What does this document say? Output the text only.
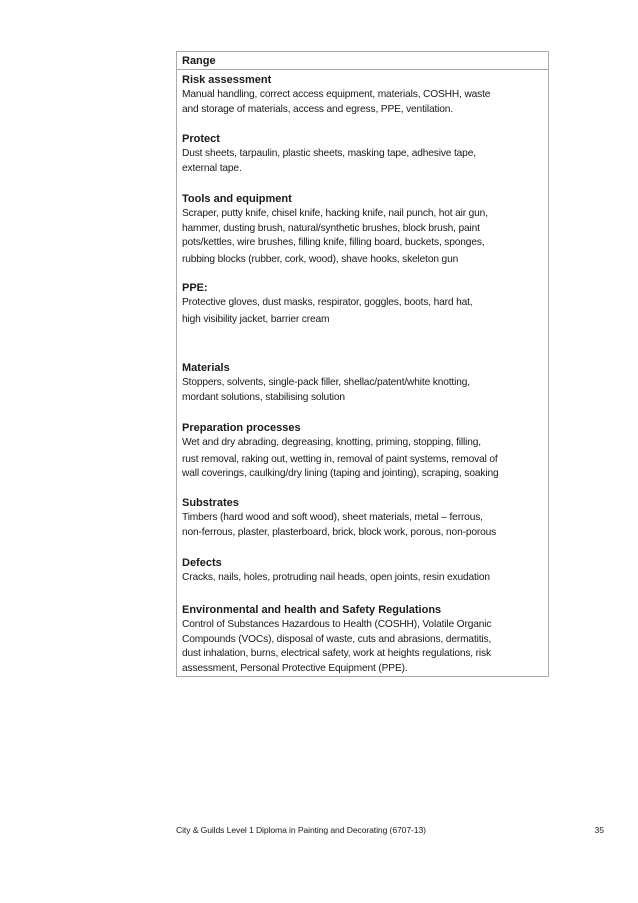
Range

Risk assessment

Manual handling, correct access equipment, materials, COSHH, waste

and storage of materials, access and egress, PPE, ventilation.

Protect

Dust sheets, tarpaulin, plastic sheets, masking tape, adhesive tape,

external tape.

Tools and equipment

Scraper, putty knife, chisel knife, hacking knife, nail punch, hot air gun,

hammer, dusting brush, natural/synthetic brushes, block brush, paint

pots/kettles, wire brushes, filling knife, filling board, buckets, sponges,

rubbing blocks (rubber, cork, wood), shave hooks, skeleton gun

PPE:

Protective gloves, dust masks, respirator, goggles, boots, hard hat,

high visibility jacket, barrier cream

Materials

Stoppers, solvents, single-pack filler, shellac/patent/white knotting,

mordant solutions, stabilising solution

Preparation processes

Wet and dry abrading, degreasing, knotting, priming, stopping, filling,

rust removal, raking out, wetting in, removal of paint systems, removal of

wall coverings, caulking/dry lining (taping and jointing), scraping, soaking

Substrates

Timbers (hard wood and soft wood), sheet materials, metal – ferrous,

non-ferrous, plaster, plasterboard, brick, block work, porous, non-porous

Defects

Cracks, nails, holes, protruding nail heads, open joints, resin exudation

Environmental and health and Safety Regulations

Control of Substances Hazardous to Health (COSHH), Volatile Organic

Compounds (VOCs), disposal of waste, cuts and abrasions, dermatitis,

dust inhalation, burns, electrical safety, work at heights regulations, risk

assessment, Personal Protective Equipment (PPE).

City & Guilds Level 1 Diploma in Painting and Decorating (6707-13)	35
